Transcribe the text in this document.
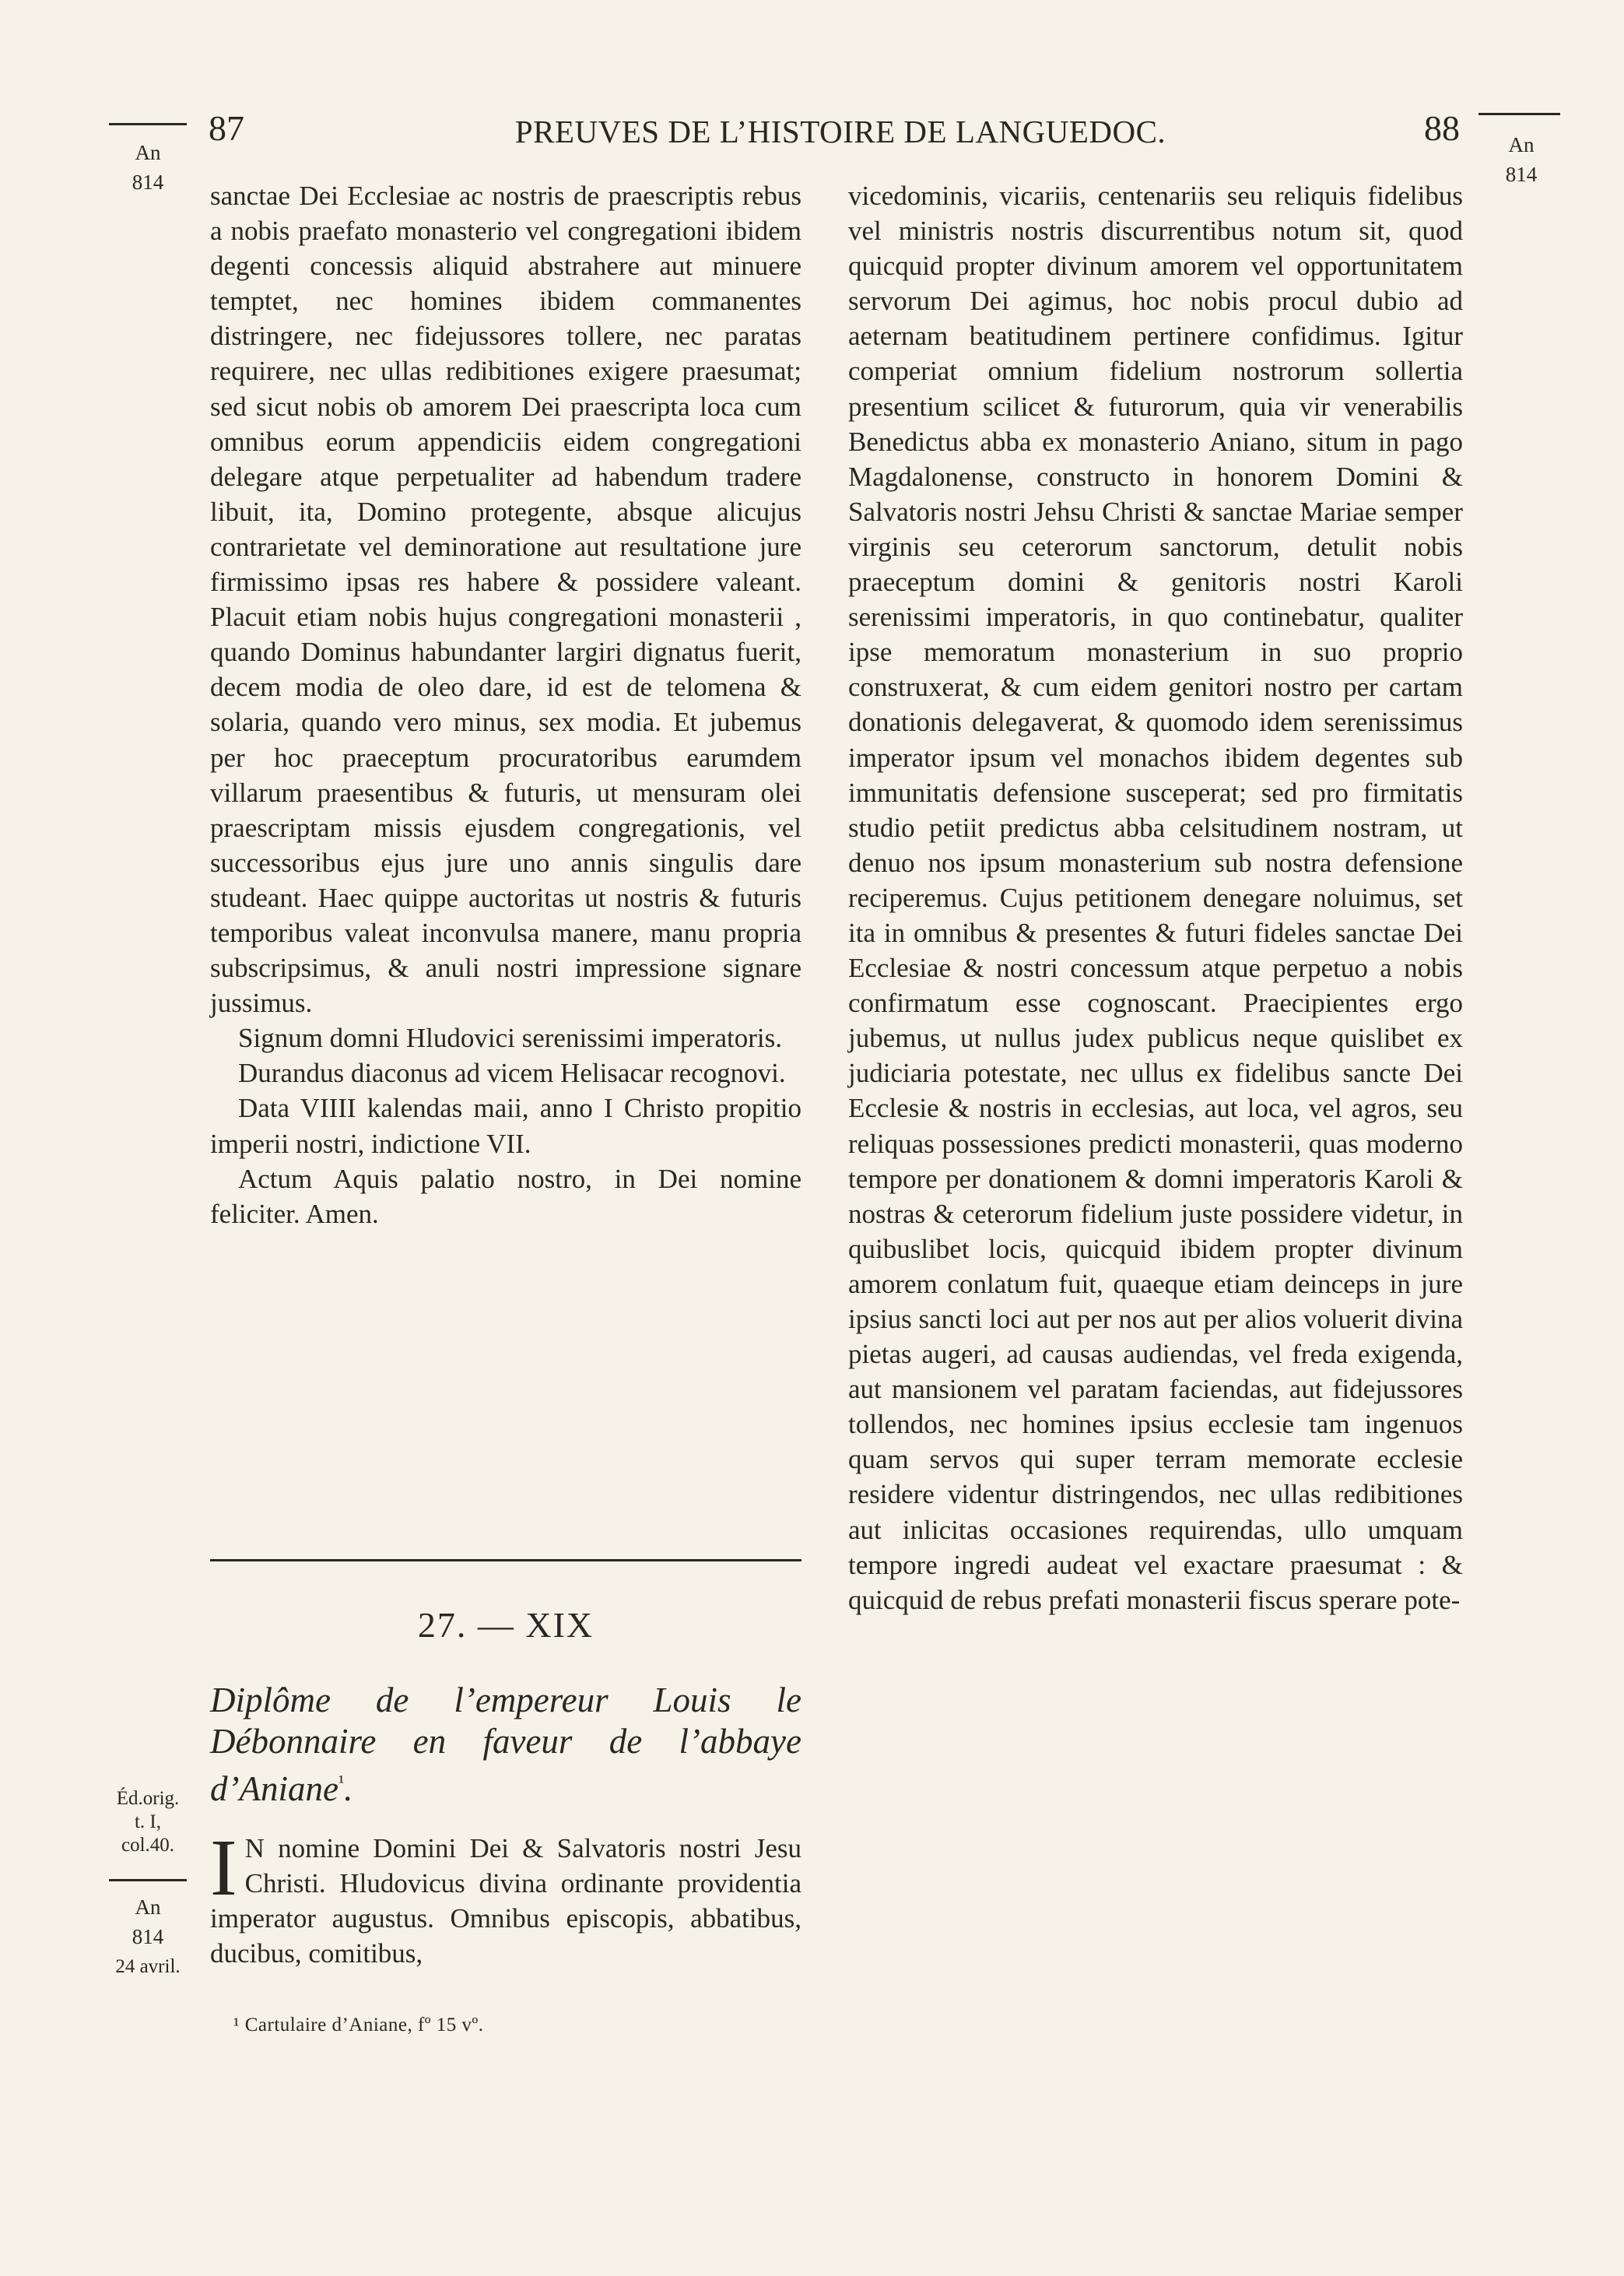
87	PREUVES DE L’HISTOIRE DE LANGUEDOC.	88
An
814
An
814
Éd.orig.
t. I,
col.40.
An
814
24 avril.

sanctae Dei Ecclesiae ac nostris de praescriptis rebus a nobis praefato monasterio vel congregationi ibidem degenti concessis aliquid abstrahere aut minuere temptet, nec homines ibidem commanentes distringere, nec fidejussores tollere, nec paratas requirere, nec ullas redibitiones exigere praesumat; sed sicut nobis ob amorem Dei praescripta loca cum omnibus eorum appendiciis eidem congregationi delegare atque perpetualiter ad habendum tradere libuit, ita, Domino protegente, absque alicujus contrarietate vel deminoratione aut resultatione jure firmissimo ipsas res habere & possidere valeant. Placuit etiam nobis hujus congregationi monasterii , quando Dominus habundanter largiri dignatus fuerit, decem modia de oleo dare, id est de telomena & solaria, quando vero minus, sex modia. Et jubemus per hoc praeceptum procuratoribus earumdem villarum praesentibus & futuris, ut mensuram olei praescriptam missis ejusdem congregationis, vel successoribus ejus jure uno annis singulis dare studeant. Haec quippe auctoritas ut nostris & futuris temporibus valeat inconvulsa manere, manu propria subscripsimus, & anuli nostri impressione signare jussimus.

Signum domni Hludovici serenissimi imperatoris.

Durandus diaconus ad vicem Helisacar recognovi.

Data VIIII kalendas maii, anno I Christo propitio imperii nostri, indictione VII.

Actum Aquis palatio nostro, in Dei nomine feliciter. Amen.

27. — XIX

Diplôme de l’empereur Louis le Débonnaire en faveur de l’abbaye d’Aniane$^{^1}$.

I N nomine Domini Dei & Salvatoris nostri Jesu Christi. Hludovicus divina ordinante providentia imperator augustus. Omnibus episcopis, abbatibus, ducibus, comitibus,

¹ Cartulaire d’Aniane, fº 15 vº.

vicedominis, vicariis, centenariis seu reliquis fidelibus vel ministris nostris discurrentibus notum sit, quod quicquid propter divinum amorem vel opportunitatem servorum Dei agimus, hoc nobis procul dubio ad aeternam beatitudinem pertinere confidimus. Igitur comperiat omnium fidelium nostrorum sollertia presentium scilicet & futurorum, quia vir venerabilis Benedictus abba ex monasterio Aniano, situm in pago Magdalonense, constructo in honorem Domini & Salvatoris nostri Jehsu Christi & sanctae Mariae semper virginis seu ceterorum sanctorum, detulit nobis praeceptum domini & genitoris nostri Karoli serenissimi imperatoris, in quo continebatur, qualiter ipse memoratum monasterium in suo proprio construxerat, & cum eidem genitori nostro per cartam donationis delegaverat, & quomodo idem serenissimus imperator ipsum vel monachos ibidem degentes sub immunitatis defensione susceperat; sed pro firmitatis studio petiit predictus abba celsitudinem nostram, ut denuo nos ipsum monasterium sub nostra defensione reciperemus. Cujus petitionem denegare noluimus, set ita in omnibus & presentes & futuri fideles sanctae Dei Ecclesiae & nostri concessum atque perpetuo a nobis confirmatum esse cognoscant. Praecipientes ergo jubemus, ut nullus judex publicus neque quislibet ex judiciaria potestate, nec ullus ex fidelibus sancte Dei Ecclesie & nostris in ecclesias, aut loca, vel agros, seu reliquas possessiones predicti monasterii, quas moderno tempore per donationem & domni imperatoris Karoli & nostras & ceterorum fidelium juste possidere videtur, in quibuslibet locis, quicquid ibidem propter divinum amorem conlatum fuit, quaeque etiam deinceps in jure ipsius sancti loci aut per nos aut per alios voluerit divina pietas augeri, ad causas audiendas, vel freda exigenda, aut mansionem vel paratam faciendas, aut fidejussores tollendos, nec homines ipsius ecclesie tam ingenuos quam servos qui super terram memorate ecclesie residere videntur distringendos, nec ullas redibitiones aut inlicitas occasiones requirendas, ullo umquam tempore ingredi audeat vel exactare praesumat : & quicquid de rebus prefati monasterii fiscus sperare pote-
